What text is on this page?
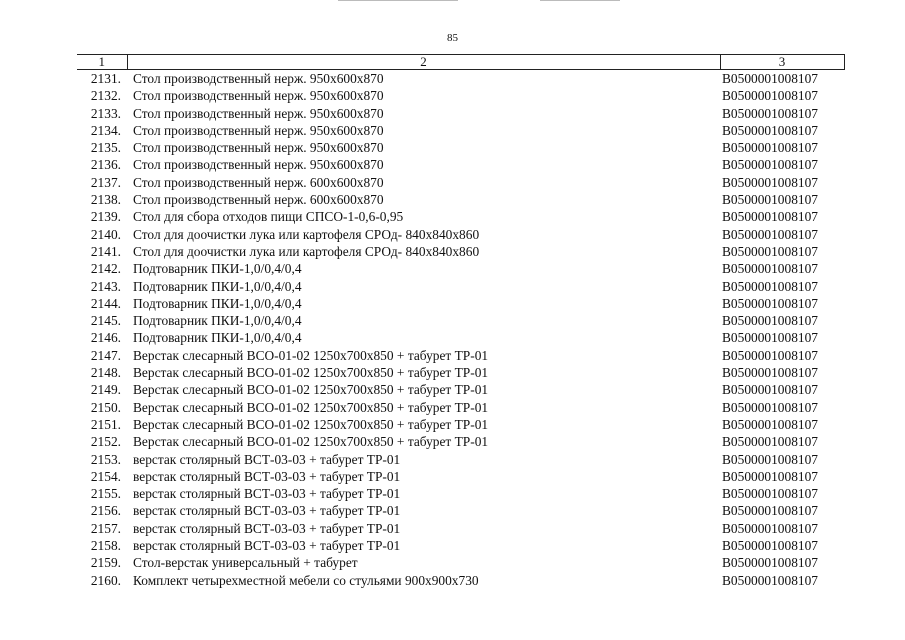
85
1	2	3
2131.	Стол производственный нерж. 950х600х870	B0500001008107
2132.	Стол производственный нерж. 950х600х870	B0500001008107
2133.	Стол производственный нерж. 950х600х870	B0500001008107
2134.	Стол производственный нерж. 950х600х870	B0500001008107
2135.	Стол производственный нерж. 950х600х870	B0500001008107
2136.	Стол производственный нерж. 950х600х870	B0500001008107
2137.	Стол производственный нерж. 600х600х870	B0500001008107
2138.	Стол производственный нерж. 600х600х870	B0500001008107
2139.	Стол для сбора отходов пищи СПСО-1-0,6-0,95	B0500001008107
2140.	Стол для доочистки лука или картофеля СРОд- 840х840х860	B0500001008107
2141.	Стол для доочистки лука или картофеля СРОд- 840х840х860	B0500001008107
2142.	Подтоварник ПКИ-1,0/0,4/0,4	B0500001008107
2143.	Подтоварник ПКИ-1,0/0,4/0,4	B0500001008107
2144.	Подтоварник ПКИ-1,0/0,4/0,4	B0500001008107
2145.	Подтоварник ПКИ-1,0/0,4/0,4	B0500001008107
2146.	Подтоварник ПКИ-1,0/0,4/0,4	B0500001008107
2147.	Верстак слесарный ВСО-01-02 1250х700х850 + табурет ТР-01	B0500001008107
2148.	Верстак слесарный ВСО-01-02 1250х700х850 + табурет ТР-01	B0500001008107
2149.	Верстак слесарный ВСО-01-02 1250х700х850 + табурет ТР-01	B0500001008107
2150.	Верстак слесарный ВСО-01-02 1250х700х850 + табурет ТР-01	B0500001008107
2151.	Верстак слесарный ВСО-01-02 1250х700х850 + табурет ТР-01	B0500001008107
2152.	Верстак слесарный ВСО-01-02 1250х700х850 + табурет ТР-01	B0500001008107
2153.	верстак столярный ВСТ-03-03 + табурет ТР-01	B0500001008107
2154.	верстак столярный ВСТ-03-03 + табурет ТР-01	B0500001008107
2155.	верстак столярный ВСТ-03-03 + табурет ТР-01	B0500001008107
2156.	верстак столярный ВСТ-03-03 + табурет ТР-01	B0500001008107
2157.	верстак столярный ВСТ-03-03 + табурет ТР-01	B0500001008107
2158.	верстак столярный ВСТ-03-03 + табурет ТР-01	B0500001008107
2159.	Стол-верстак универсальный + табурет	B0500001008107
2160.	Комплект четырехместной мебели со стульями 900х900х730	B0500001008107
